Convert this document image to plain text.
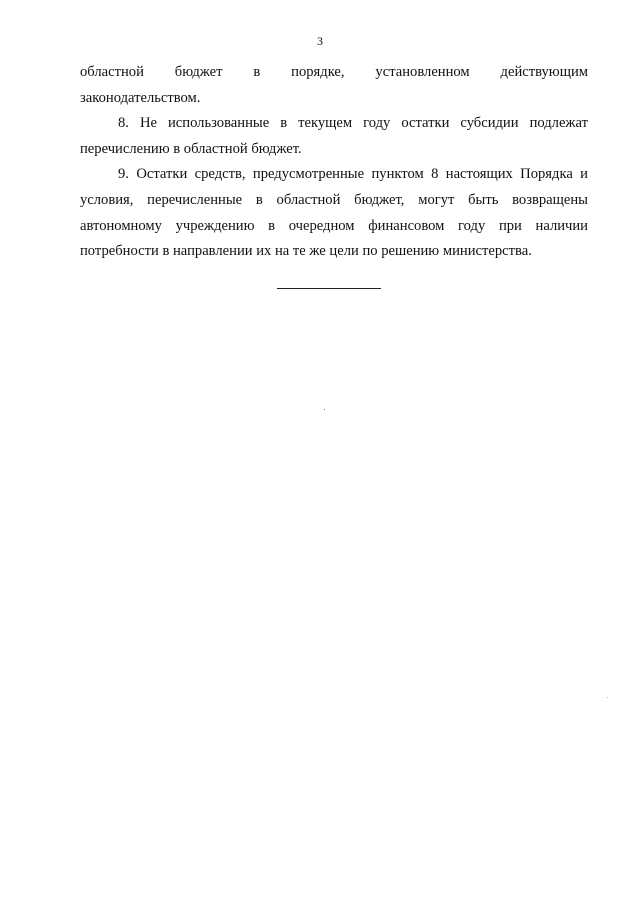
3
областной бюджет в порядке, установленном действующим
законодательством.
8. Не использованные в текущем году остатки субсидии подлежат
перечислению в областной бюджет.
9. Остатки средств, предусмотренные пунктом 8 настоящих Порядка и
условия, перечисленные в областной бюджет, могут быть возвращены
автономному учреждению в очередном финансовом году при наличии
потребности в направлении их на те же цели по решению министерства.
